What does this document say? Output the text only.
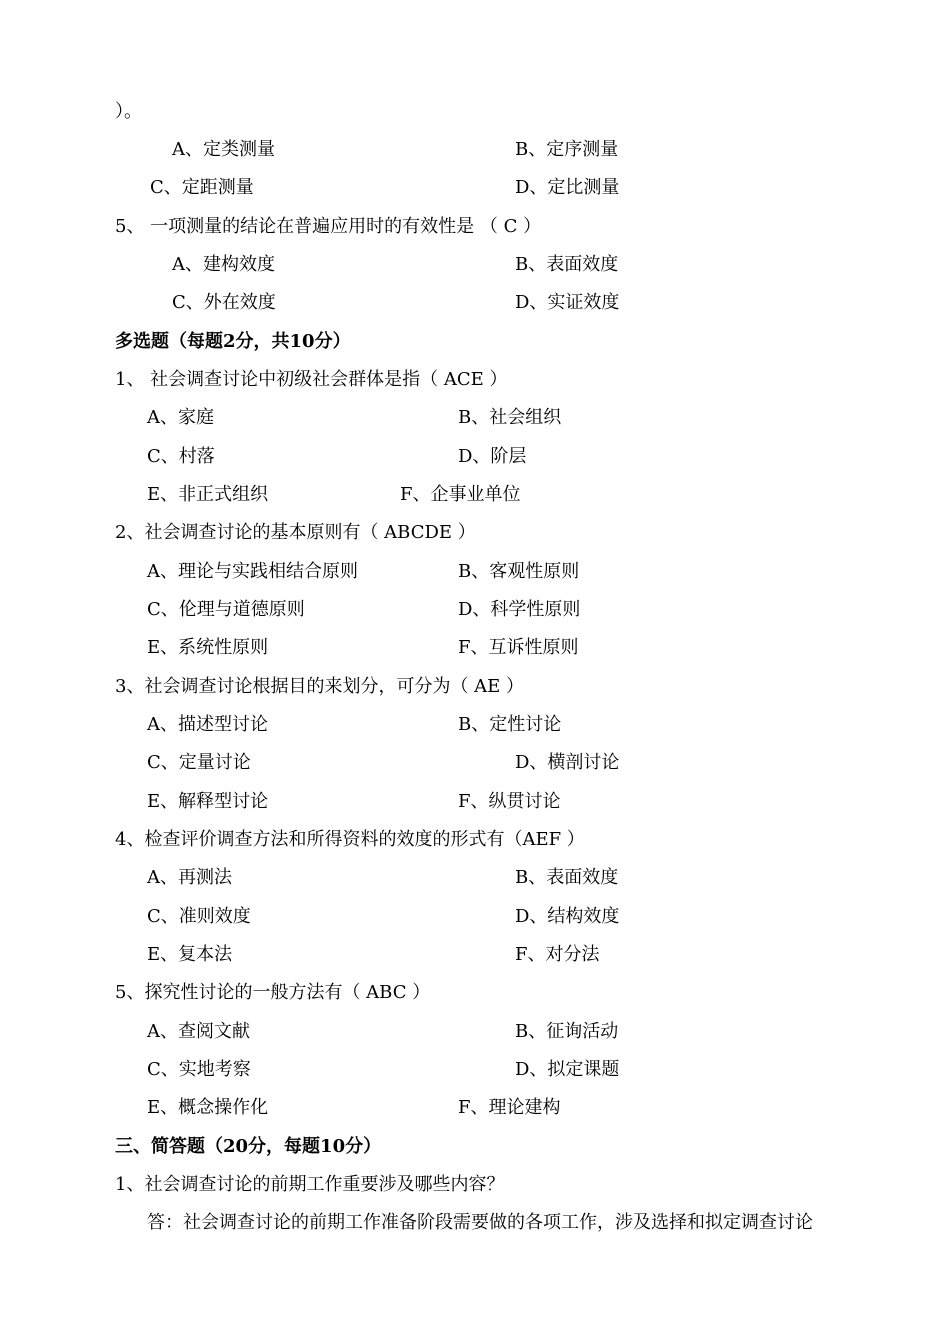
）。
A、定类测量	B、定序测量
C、定距测量	D、定比测量
5、 一项测量的结论在普遍应用时的有效性是 （ C ）
A、建构效度	B、表面效度
C、外在效度	D、实证效度
多选题（每题2分，共10分）
1、 社会调查讨论中初级社会群体是指（ ACE ）
A、家庭	B、社会组织
C、村落	D、阶层
E、非正式组织	F、企事业单位
2、社会调查讨论的基本原则有（ ABCDE ）
A、理论与实践相结合原则	B、客观性原则
C、伦理与道德原则	D、科学性原则
E、系统性原则	F、互诉性原则
3、社会调查讨论根据目的来划分，可分为（ AE ）
A、描述型讨论	B、定性讨论
C、定量讨论	D、横剖讨论
E、解释型讨论	F、纵贯讨论
4、检查评价调查方法和所得资料的效度的形式有（AEF ）
A、再测法	B、表面效度
C、准则效度	D、结构效度
E、复本法	F、对分法
5、探究性讨论的一般方法有（ ABC ）
A、查阅文献	B、征询活动
C、实地考察	D、拟定课题
E、概念操作化	F、理论建构
三、简答题（20分，每题10分）
1、社会调查讨论的前期工作重要涉及哪些内容？
答：社会调查讨论的前期工作准备阶段需要做的各项工作，涉及选择和拟定调查讨论
